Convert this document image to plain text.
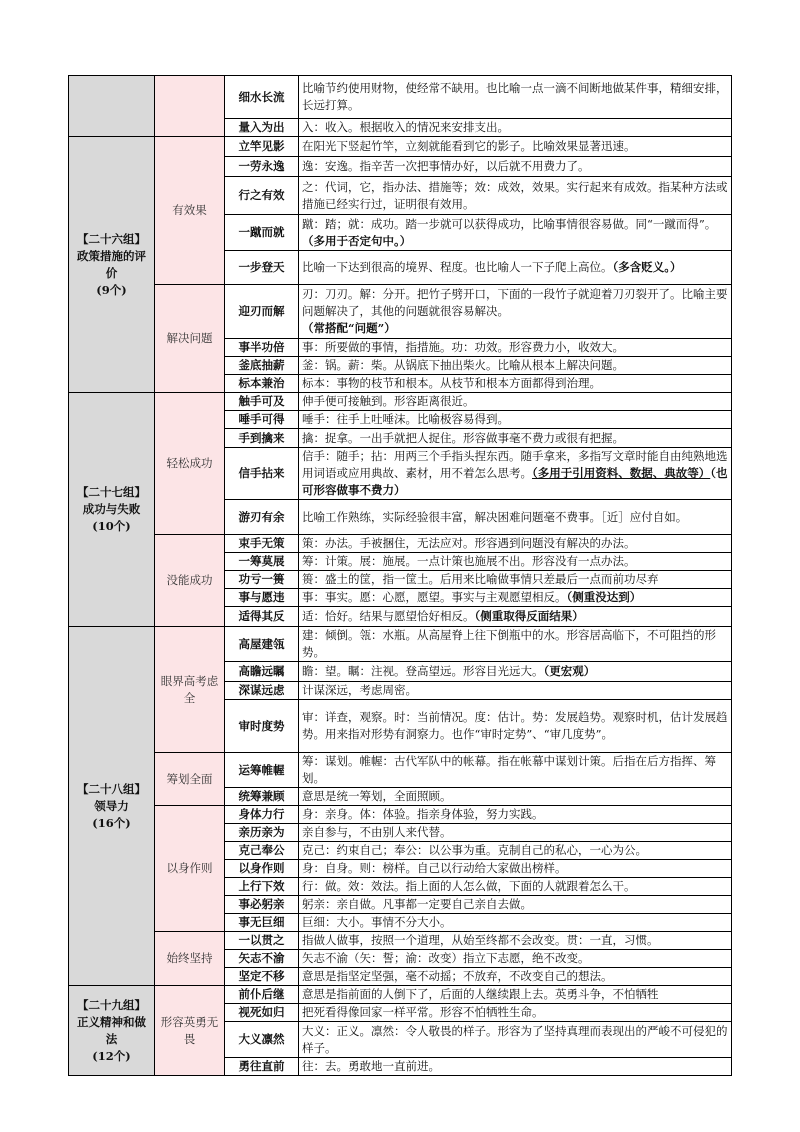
		细水长流	比喻节约使用财物，使经常不缺用。也比喻一点一滴不间断地做某件事，精细安排，长远打算。
		量入为出	入：收入。根据收入的情况来安排支出。

【二十六组】政策措施的评价
(9个)	有效果	立竿见影	在阳光下竖起竹竿，立刻就能看到它的影子。比喻效果显著迅速。
		一劳永逸	逸：安逸。指辛苦一次把事情办好，以后就不用费力了。
		行之有效	之：代词，它，指办法、措施等；效：成效，效果。实行起来有成效。指某种方法或措施已经实行过，证明很有效用。
		一蹴而就	蹴：踏；就：成功。踏一步就可以获得成功，比喻事情很容易做。同“一蹴而得”。（多用于否定句中。）
		一步登天	比喻一下达到很高的境界、程度。也比喻人一下子爬上高位。（多含贬义。）
	解决问题	迎刃而解	刃：刀刃。解：分开。把竹子劈开口，下面的一段竹子就迎着刀刃裂开了。比喻主要问题解决了，其他的问题就很容易解决。
（常搭配“问题”）
		事半功倍	事：所要做的事情，指措施。功：功效。形容费力小，收效大。
		釜底抽薪	釜：锅。薪：柴。从锅底下抽出柴火。比喻从根本上解决问题。
		标本兼治	标本：事物的枝节和根本。从枝节和根本方面都得到治理。

【二十七组】成功与失败
(10个)	轻松成功	触手可及	伸手便可接触到。形容距离很近。
		唾手可得	唾手：往手上吐唾沫。比喻极容易得到。
		手到擒来	擒：捉拿。一出手就把人捉住。形容做事毫不费力或很有把握。
		信手拈来	信手：随手；拈：用两三个手指头捏东西。随手拿来，多指写文章时能自由纯熟地选用词语或应用典故、素材，用不着怎么思考。（多用于引用资料、数据、典故等）（也可形容做事不费力）
		游刃有余	比喻工作熟练，实际经验很丰富，解决困难问题毫不费事。［近］应付自如。
	没能成功	束手无策	策：办法。手被捆住，无法应对。形容遇到问题没有解决的办法。
		一筹莫展	筹：计策。展：施展。一点计策也施展不出。形容没有一点办法。
		功亏一篑	篑：盛土的筐，指一筐土。后用来比喻做事情只差最后一点而前功尽弃
		事与愿违	事：事实。愿：心愿，愿望。事实与主观愿望相反。（侧重没达到）
		适得其反	适：恰好。结果与愿望恰好相反。（侧重取得反面结果）

【二十八组】领导力
(16个)	眼界高考虑全	高屋建瓴	建：倾倒。瓴：水瓶。从高屋脊上往下倒瓶中的水。形容居高临下，不可阻挡的形势。
		高瞻远瞩	瞻：望。瞩：注视。登高望远。形容目光远大。（更宏观）
		深谋远虑	计谋深远，考虑周密。
		审时度势	审：详查，观察。时：当前情况。度：估计。势：发展趋势。观察时机，估计发展趋势。用来指对形势有洞察力。也作“审时定势”、“审几度势”。
	筹划全面	运筹帷幄	筹：谋划。帷幄：古代军队中的帐幕。指在帐幕中谋划计策。后指在后方指挥、筹划。
		统筹兼顾	意思是统一筹划，全面照顾。
	以身作则	身体力行	身：亲身。体：体验。指亲身体验，努力实践。
		亲历亲为	亲自参与，不由别人来代替。
		克己奉公	克己：约束自己；奉公：以公事为重。克制自己的私心，一心为公。
		以身作则	身：自身。则：榜样。自己以行动给大家做出榜样。
		上行下效	行：做。效：效法。指上面的人怎么做，下面的人就跟着怎么干。
		事必躬亲	躬亲：亲自做。凡事都一定要自己亲自去做。
		事无巨细	巨细：大小。事情不分大小。
	始终坚持	一以贯之	指做人做事，按照一个道理，从始至终都不会改变。贯：一直，习惯。
		矢志不渝	矢志不渝（矢：誓；渝：改变）指立下志愿，绝不改变。
		坚定不移	意思是指坚定坚强，毫不动摇；不放弃，不改变自己的想法。

【二十九组】正义精神和做法
(12个)	形容英勇无畏	前仆后继	意思是指前面的人倒下了，后面的人继续跟上去。英勇斗争，不怕牺牲
		视死如归	把死看得像回家一样平常。形容不怕牺牲生命。
		大义凛然	大义：正义。凛然：令人敬畏的样子。形容为了坚持真理而表现出的严峻不可侵犯的样子。
		勇往直前	往：去。勇敢地一直前进。
